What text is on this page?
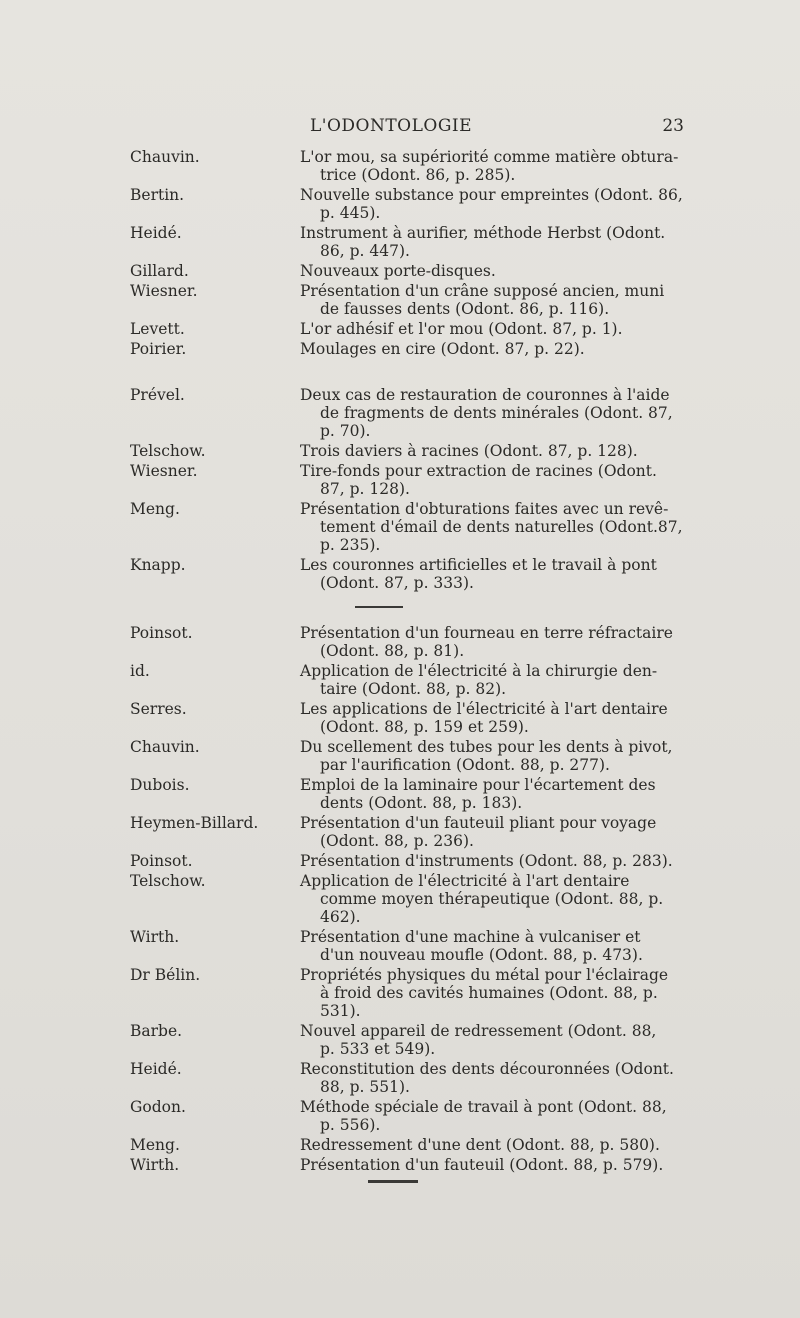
L'ODONTOLOGIE	23
Chauvin.	L'or mou, sa supériorité comme matière obtura-
trice (Odont. 86, p. 285).
Bertin.	Nouvelle substance pour empreintes (Odont. 86,
p. 445).
Heidé.	Instrument à aurifier, méthode Herbst (Odont.
86, p. 447).
Gillard.	Nouveaux porte-disques.
Wiesner.	Présentation d'un crâne supposé ancien, muni
de fausses dents (Odont. 86, p. 116).
Levett.	L'or adhésif et l'or mou (Odont. 87, p. 1).
Poirier.	Moulages en cire (Odont. 87, p. 22).
Prével.	Deux cas de restauration de couronnes à l'aide
de fragments de dents minérales (Odont. 87,
p. 70).
Telschow.	Trois daviers à racines (Odont. 87, p. 128).
Wiesner.	Tire-fonds pour extraction de racines (Odont.
87, p. 128).
Meng.	Présentation d'obturations faites avec un revê-
tement d'émail de dents naturelles (Odont.87,
p. 235).
Knapp.	Les couronnes artificielles et le travail à pont
(Odont. 87, p. 333).
Poinsot.	Présentation d'un fourneau en terre réfractaire
(Odont. 88, p. 81).
id.	Application de l'électricité à la chirurgie den-
taire (Odont. 88, p. 82).
Serres.	Les applications de l'électricité à l'art dentaire
(Odont. 88, p. 159 et 259).
Chauvin.	Du scellement des tubes pour les dents à pivot,
par l'aurification (Odont. 88, p. 277).
Dubois.	Emploi de la laminaire pour l'écartement des
dents (Odont. 88, p. 183).
Heymen-Billard.	Présentation d'un fauteuil pliant pour voyage
(Odont. 88, p. 236).
Poinsot.	Présentation d'instruments (Odont. 88, p. 283).
Telschow.	Application de l'électricité à l'art dentaire
comme moyen thérapeutique (Odont. 88, p.
462).
Wirth.	Présentation d'une machine à vulcaniser et
d'un nouveau moufle (Odont. 88, p. 473).
Dr Bélin.	Propriétés physiques du métal pour l'éclairage
à froid des cavités humaines (Odont. 88, p.
531).
Barbe.	Nouvel appareil de redressement (Odont. 88,
p. 533 et 549).
Heidé.	Reconstitution des dents découronnées (Odont.
88, p. 551).
Godon.	Méthode spéciale de travail à pont (Odont. 88,
p. 556).
Meng.	Redressement d'une dent (Odont. 88, p. 580).
Wirth.	Présentation d'un fauteuil (Odont. 88, p. 579).
